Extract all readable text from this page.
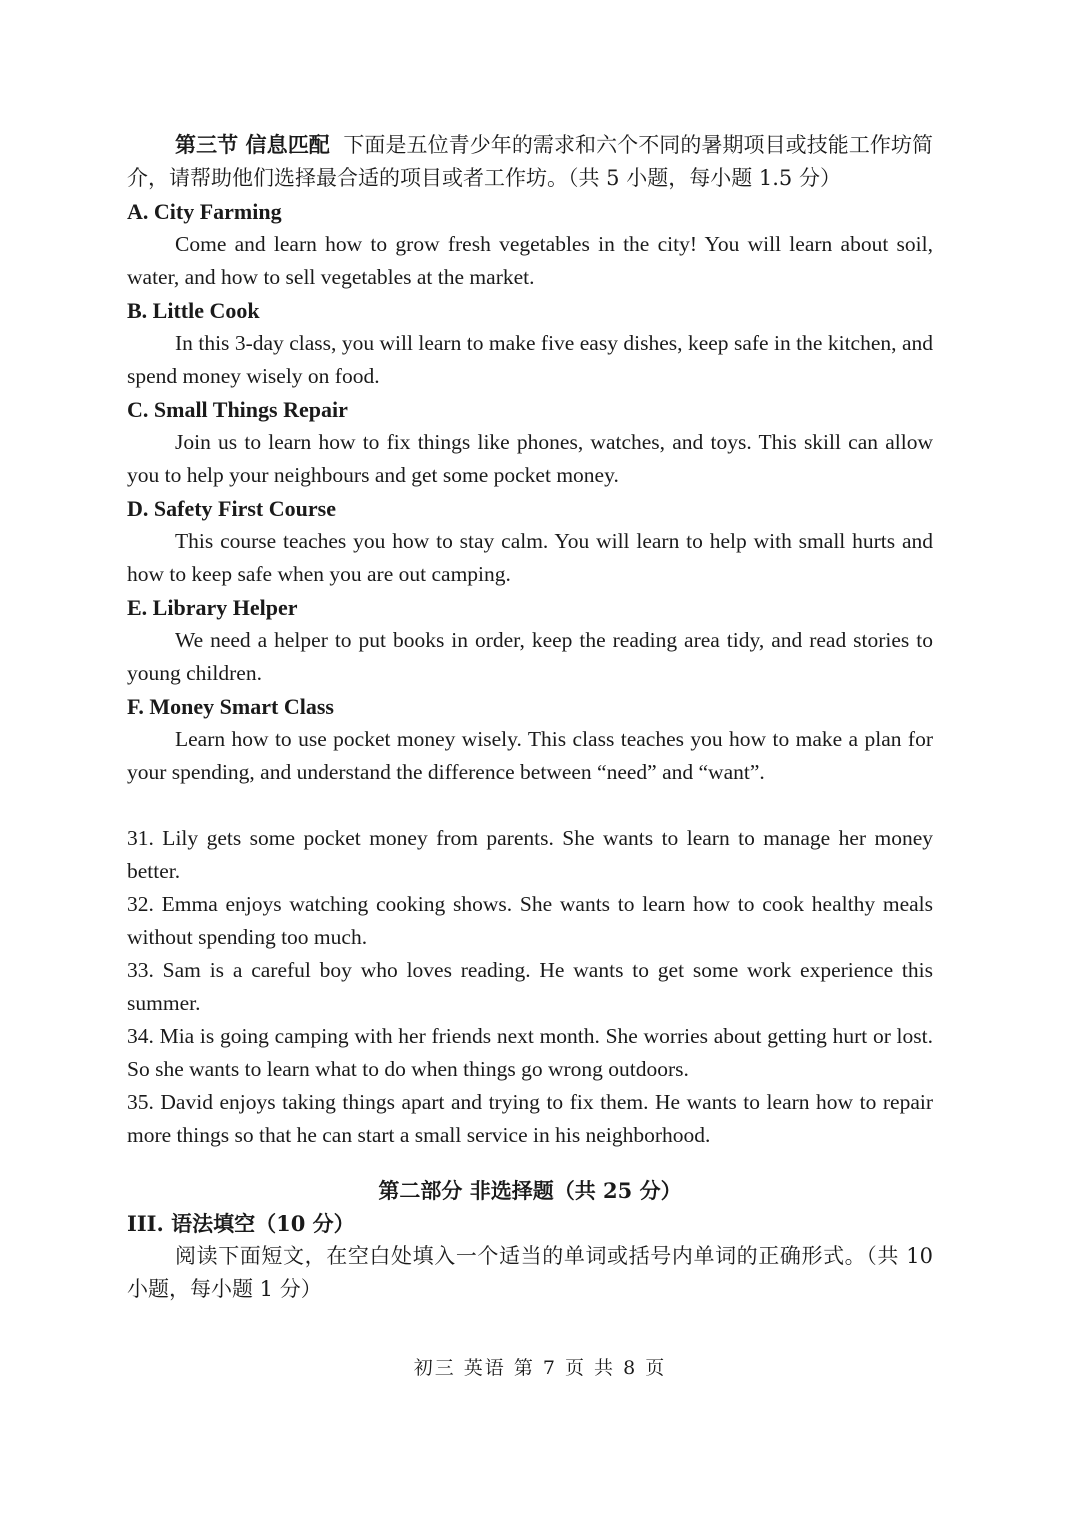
第三节 信息匹配 下面是五位青少年的需求和六个不同的暑期项目或技能工作坊简介，请帮助他们选择最合适的项目或者工作坊。（共 5 小题，每小题 1.5 分）

A. City Farming

Come and learn how to grow fresh vegetables in the city! You will learn about soil, water, and how to sell vegetables at the market.

B. Little Cook

In this 3-day class, you will learn to make five easy dishes, keep safe in the kitchen, and spend money wisely on food.

C. Small Things Repair

Join us to learn how to fix things like phones, watches, and toys. This skill can allow you to help your neighbours and get some pocket money.

D. Safety First Course

This course teaches you how to stay calm. You will learn to help with small hurts and how to keep safe when you are out camping.

E. Library Helper

We need a helper to put books in order, keep the reading area tidy, and read stories to young children.

F. Money Smart Class

Learn how to use pocket money wisely. This class teaches you how to make a plan for your spending, and understand the difference between “need” and “want”.

31. Lily gets some pocket money from parents. She wants to learn to manage her money better.

32. Emma enjoys watching cooking shows. She wants to learn how to cook healthy meals without spending too much.

33. Sam is a careful boy who loves reading. He wants to get some work experience this summer.

34. Mia is going camping with her friends next month. She worries about getting hurt or lost. So she wants to learn what to do when things go wrong outdoors.

35. David enjoys taking things apart and trying to fix them. He wants to learn how to repair more things so that he can start a small service in his neighborhood.

第二部分 非选择题（共 25 分）

III. 语法填空（10 分）

阅读下面短文，在空白处填入一个适当的单词或括号内单词的正确形式。（共 10 小题，每小题 1 分）

初三 英语 第 7 页 共 8 页
